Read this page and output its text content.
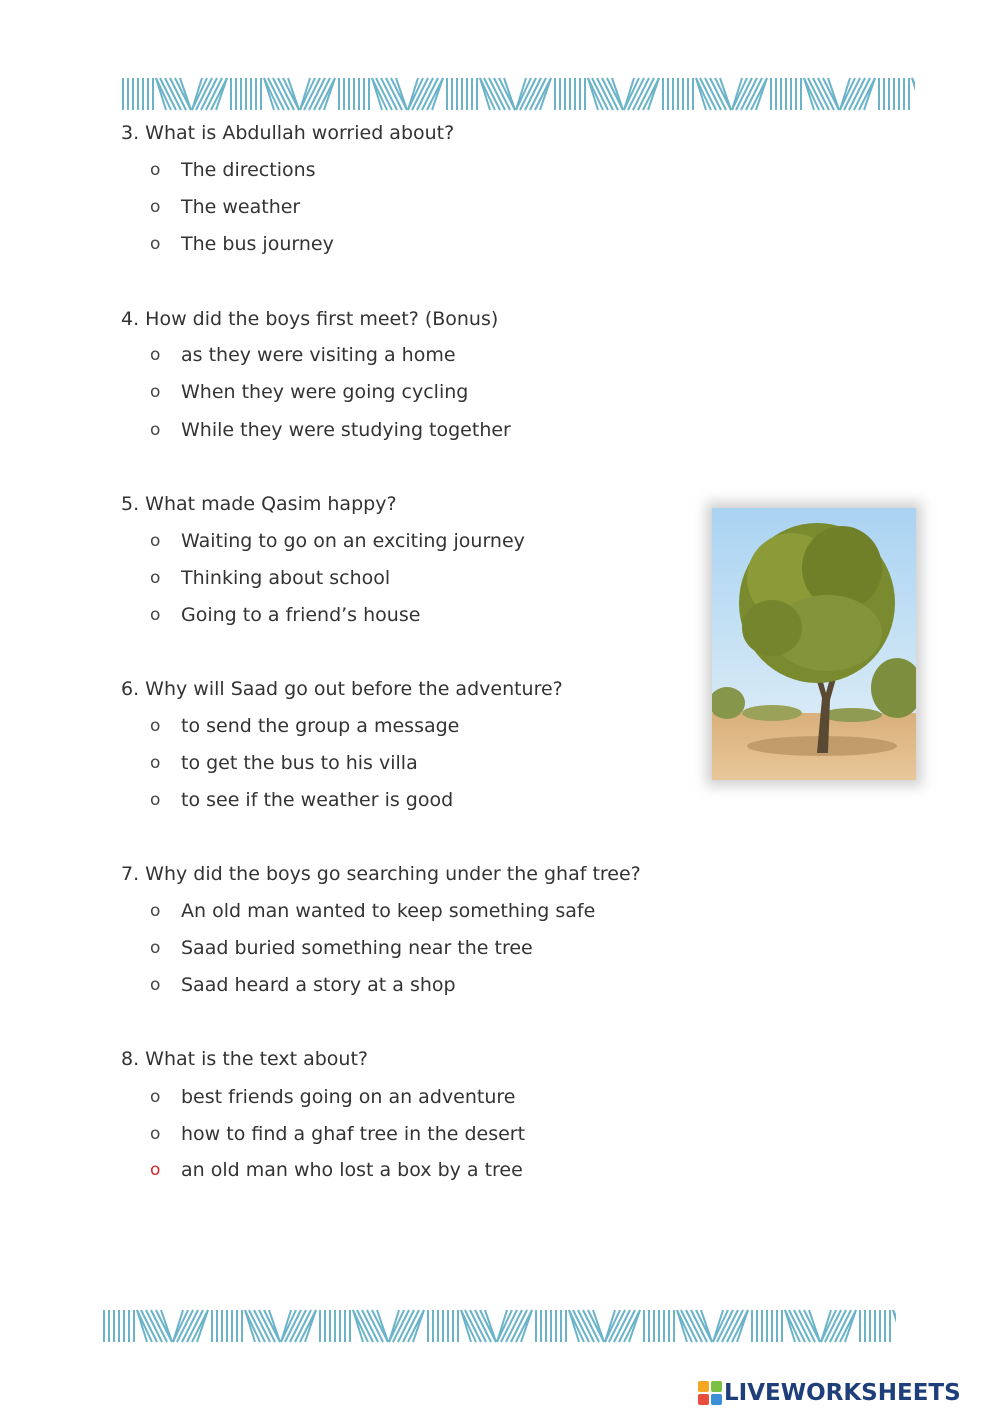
3. What is Abdullah worried about?
o The directions
o The weather
o The bus journey
4. How did the boys first meet? (Bonus)
o as they were visiting a home
o When they were going cycling
o While they were studying together
5. What made Qasim happy?
o Waiting to go on an exciting journey
o Thinking about school
o Going to a friend’s house
6. Why will Saad go out before the adventure?
o to send the group a message
o to get the bus to his villa
o to see if the weather is good
7. Why did the boys go searching under the ghaf tree?
o An old man wanted to keep something safe
o Saad buried something near the tree
o Saad heard a story at a shop
8. What is the text about?
o best friends going on an adventure
o how to find a ghaf tree in the desert
o an old man who lost a box by a tree
LIVEWORKSHEETS
